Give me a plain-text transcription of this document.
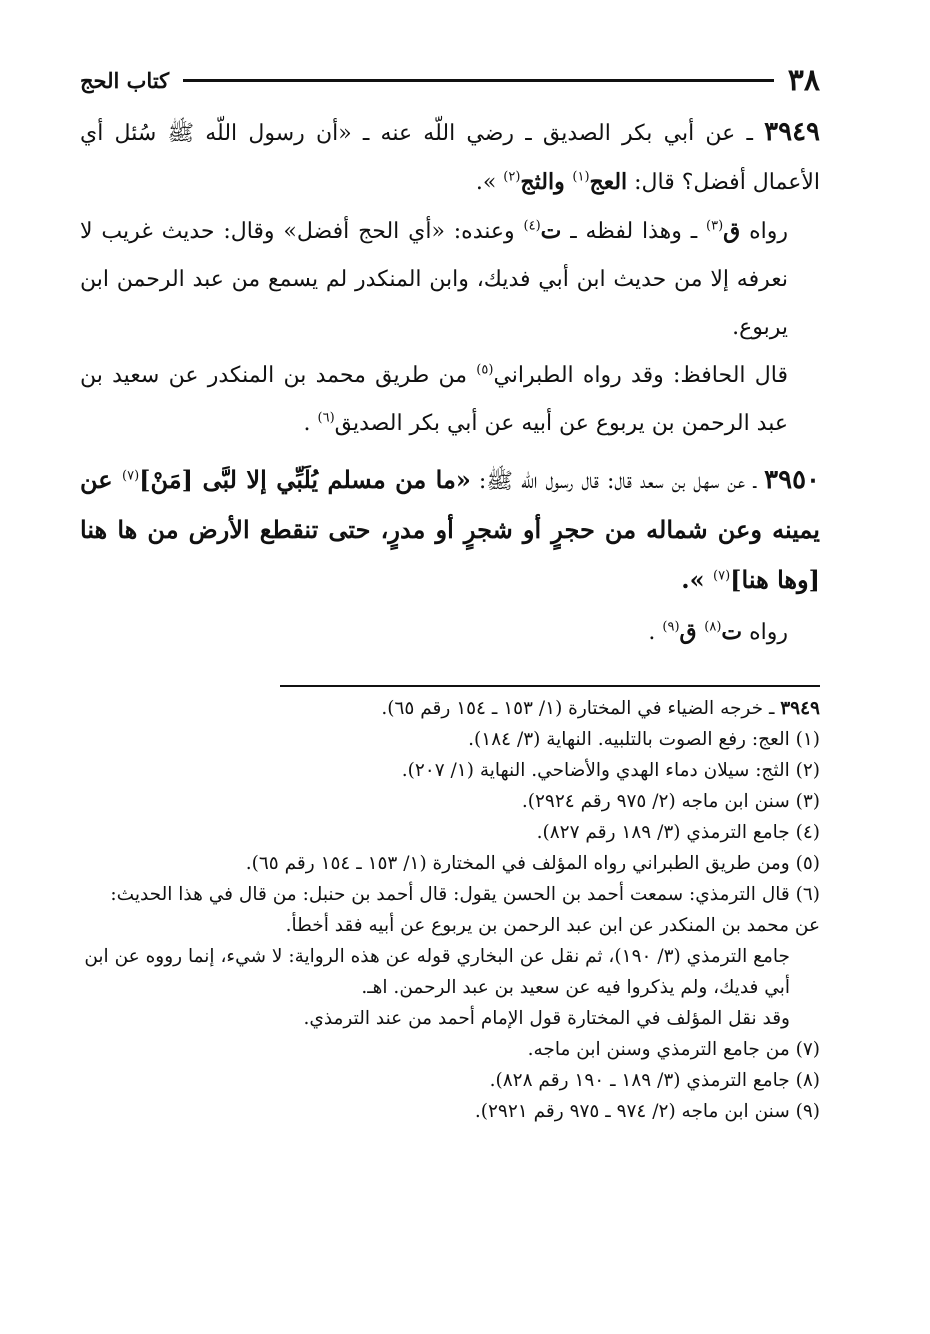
٣٨
كتاب الحج

٣٩٤٩ ـ عن أبي بكر الصديق ـ رضي اللّه عنه ـ «أن رسول اللّه ﷺ سُئل أي الأعمال أفضل؟ قال: العج$^{(١)}$ والثج$^{(٢)}$ ».

رواه ق$^{(٣)}$ ـ وهذا لفظه ـ ت$^{(٤)}$ وعنده: «أي الحج أفضل» وقال: حديث غريب لا نعرفه إلا من حديث ابن أبي فديك، وابن المنكدر لم يسمع من عبد الرحمن ابن يربوع.

قال الحافظ: وقد رواه الطبراني$^{(٥)}$ من طريق محمد بن المنكدر عن سعيد بن عبد الرحمن بن يربوع عن أبيه عن أبي بكر الصديق$^{(٦)}$ .

٣٩٥٠ ـ عن سهل بن سعد قال: قال رسول اللّه ﷺ: «ما من مسلم يُلَبِّي إلا لبَّى [مَنْ]$^{(٧)}$ عن يمينه وعن شماله من حجرٍ أو شجرٍ أو مدرٍ، حتى تنقطع الأرض من ها هنا [وها هنا]$^{(٧)}$ ».

رواه ت$^{(٨)}$ ق$^{(٩)}$ .

٣٩٤٩ ـ خرجه الضياء في المختارة (١/ ١٥٣ ـ ١٥٤ رقم ٦٥).

(١) العج: رفع الصوت بالتلبيه. النهاية (٣/ ١٨٤).

(٢) الثج: سيلان دماء الهدي والأضاحي. النهاية (١/ ٢٠٧).

(٣) سنن ابن ماجه (٢/ ٩٧٥ رقم ٢٩٢٤).

(٤) جامع الترمذي (٣/ ١٨٩ رقم ٨٢٧).

(٥) ومن طريق الطبراني رواه المؤلف في المختارة (١/ ١٥٣ ـ ١٥٤ رقم ٦٥).

(٦) قال الترمذي: سمعت أحمد بن الحسن يقول: قال أحمد بن حنبل: من قال في هذا الحديث: عن محمد بن المنكدر عن ابن عبد الرحمن بن يربوع عن أبيه فقد أخطأ.

جامع الترمذي (٣/ ١٩٠)، ثم نقل عن البخاري قوله عن هذه الرواية: لا شيء، إنما رووه عن ابن أبي فديك، ولم يذكروا فيه عن سعيد بن عبد الرحمن. اهـ.

وقد نقل المؤلف في المختارة قول الإمام أحمد من عند الترمذي.

(٧) من جامع الترمذي وسنن ابن ماجه.

(٨) جامع الترمذي (٣/ ١٨٩ ـ ١٩٠ رقم ٨٢٨).

(٩) سنن ابن ماجه (٢/ ٩٧٤ ـ ٩٧٥ رقم ٢٩٢١).
